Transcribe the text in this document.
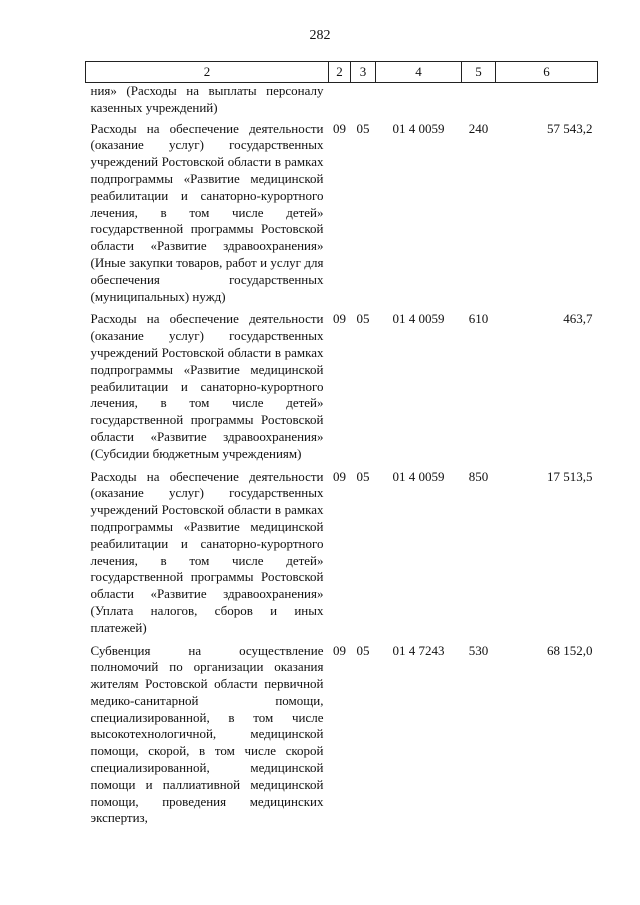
282
2	2	3	4	5	6
ния» (Расходы на выплаты персоналу казенных учреждений)					
Расходы на обеспечение деятельности (оказание услуг) государственных учреждений Ростовской области в рамках подпрограммы «Развитие медицинской реабилитации и санаторно-курортного лечения, в том числе детей» государственной программы Ростовской области «Развитие здравоохранения» (Иные закупки товаров, работ и услуг для обеспечения государственных (муниципальных) нужд)	09	05	01 4 0059	240	57 543,2
Расходы на обеспечение деятельности (оказание услуг) государственных учреждений Ростовской области в рамках подпрограммы «Развитие медицинской реабилитации и санаторно-курортного лечения, в том числе детей» государственной программы Ростовской области «Развитие здравоохранения» (Субсидии бюджетным учреждениям)	09	05	01 4 0059	610	463,7
Расходы на обеспечение деятельности (оказание услуг) государственных учреждений Ростовской области в рамках подпрограммы «Развитие медицинской реабилитации и санаторно-курортного лечения, в том числе детей» государственной программы Ростовской области «Развитие здравоохранения» (Уплата налогов, сборов и иных платежей)	09	05	01 4 0059	850	17 513,5
Субвенция на осуществление полномочий по организации оказания жителям Ростовской области первичной медико-санитарной помощи, специализированной, в том числе высокотехнологичной, медицинской помощи, скорой, в том числе скорой специализированной, медицинской помощи и паллиативной медицинской помощи, проведения медицинских экспертиз,	09	05	01 4 7243	530	68 152,0
